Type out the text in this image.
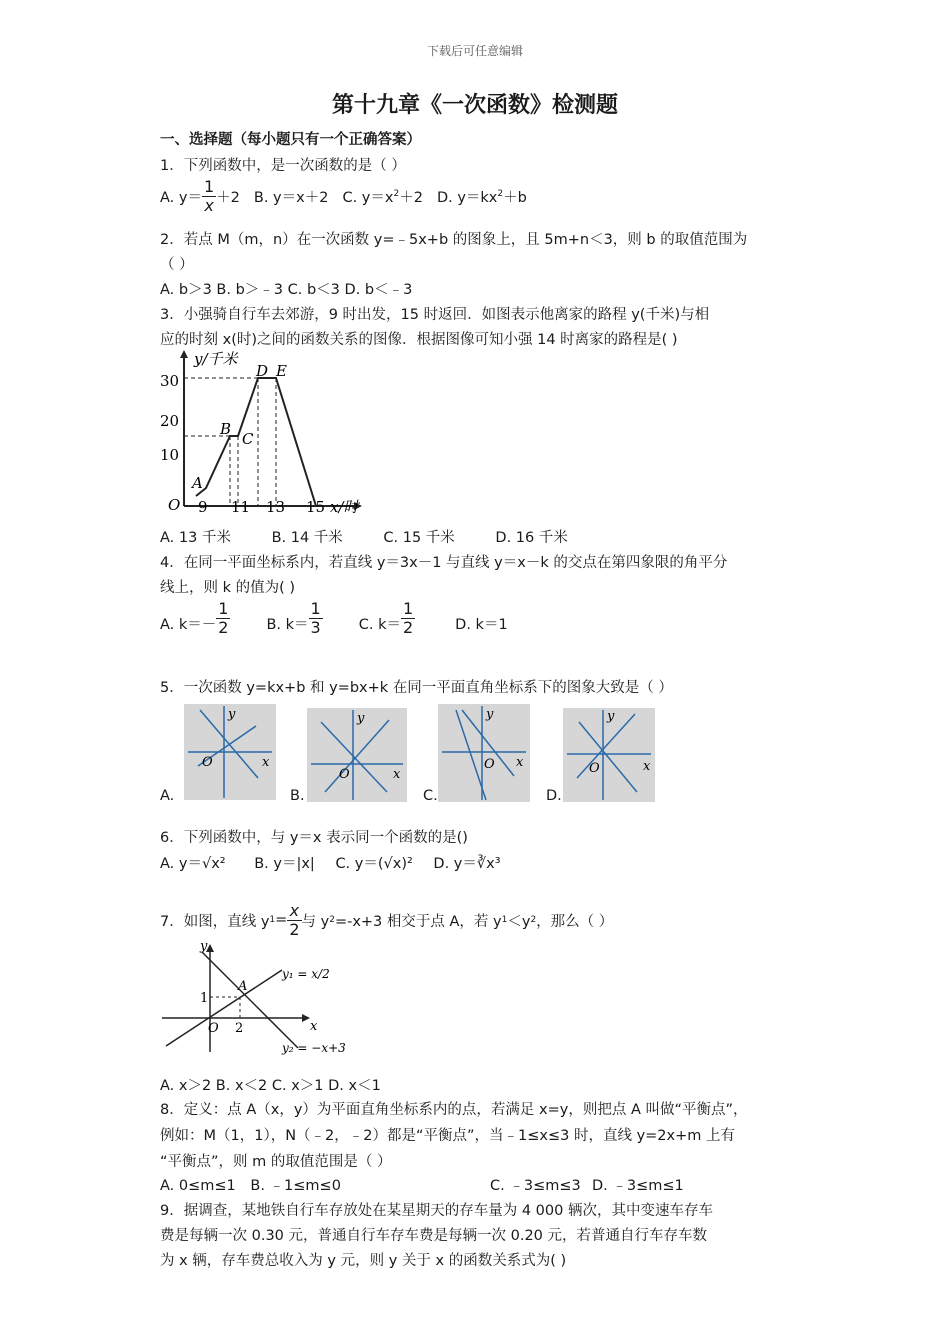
下载后可任意编辑
第十九章《一次函数》检测题
一、选择题（每小题只有一个正确答案）
1．下列函数中，是一次函数的是（ ）
A. $y= \frac{1}{x} +2$ B. y＝x＋2 C. $y=x^2+2$ D. $y=kx^2+b$
2．若点 M（m，n）在一次函数 y=﹣5x+b 的图象上，且 5m+n＜3，则 b 的取值范围为
（ ）
A. b＞3 B. b＞﹣3 C. b＜3 D. b＜﹣3
3．小强骑自行车去郊游，9 时出发，15 时返回．如图表示他离家的路程 y(千米)与相
应的时刻 x(时)之间的函数关系的图像．根据图像可知小强 14 时离家的路程是( )
y/千米
x/时
O
10
20
30
9 11 13 15
A
B
C
D E
A. 13 千米	B. 14 千米	C. 15 千米	D. 16 千米
4．在同一平面坐标系内，若直线 y＝3x－1 与直线 y＝x－k 的交点在第四象限的角平分
线上，则 k 的值为( )
A. $k=- \frac{1}{2} B$. $k= \frac{1}{3} C$. $k= \frac{1}{2}$	D. k＝1
5．一次函数 y=kx+b 和 y=bx+k 在同一平面直角坐标系下的图象大致是（ ）
A.	B.	C.	D.
y
x
O
y
x
O
y
x
O
y
x
O
6．下列函数中，与 y＝x 表示同一个函数的是()
A. y＝√x² B. y＝|x| C. y＝(√x)² D. y＝∛x³
7．如图，直线 y $1 = \frac{x}{2}$ 与 y 2 =-x+3 相交于点 A，若 y 1 ＜y 2 ，那么（ ）
y
x
O
1
2
A
y₁ = x/2
y₂ = −x+3
A. x＞2 B. x＜2 C. x＞1 D. x＜1
8．定义：点 A（x，y）为平面直角坐标系内的点，若满足 x=y，则把点 A 叫做“平衡点”，
例如：M（1，1），N（﹣2，﹣2）都是“平衡点”，当﹣1≤x≤3 时，直线 y=2x+m 上有
“平衡点”，则 m 的取值范围是（ ）
A. 0≤m≤1 B. ﹣1≤m≤0	C. ﹣3≤m≤3 D. ﹣3≤m≤1
9．据调查，某地铁自行车存放处在某星期天的存车量为 4 000 辆次，其中变速车存车
费是每辆一次 0.30 元，普通自行车存车费是每辆一次 0.20 元，若普通自行车存车数
为 x 辆，存车费总收入为 y 元，则 y 关于 x 的函数关系式为( )
